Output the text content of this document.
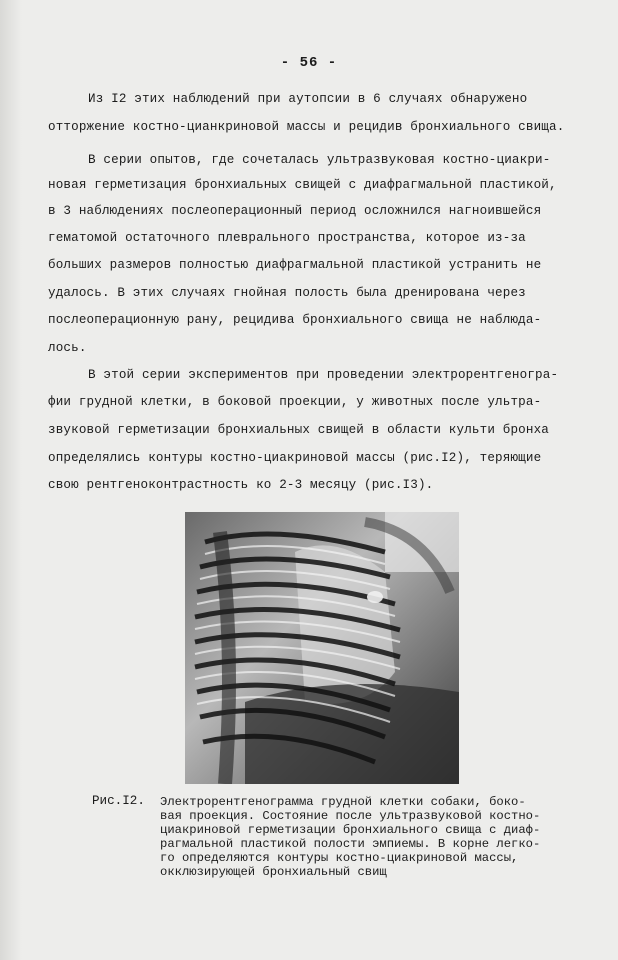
- 56 -
Из I2 этих наблюдений при аутопсии в 6 случаях обнаружено
отторжение костно-цианкриновой массы и рецидив бронхиального свища.
В серии опытов, где сочеталась ультразвуковая костно-циакри-
новая герметизация бронхиальных свищей с диафрагмальной пластикой,
в 3 наблюдениях послеоперационный период осложнился нагноившейся
гематомой остаточного плеврального пространства, которое из-за
больших размеров полностью диафрагмальной пластикой устранить не
удалось. В этих случаях гнойная полость была дренирована через
послеоперационную рану, рецидива бронхиального свища не наблюда-
лось.
В этой серии экспериментов при проведении электрорентгеногра-
фии грудной клетки, в боковой проекции, у животных после ультра-
звуковой герметизации бронхиальных свищей в области культи бронха
определялись контуры костно-циакриновой массы (рис.I2), теряющие
свою рентгеноконтрастность ко 2-3 месяцу (рис.I3).
Рис.I2. Электрорентгенограмма грудной клетки собаки, боко-
вая проекция. Состояние после ультразвуковой костно-
циакриновой герметизации бронхиального свища с диаф-
рагмальной пластикой полости эмпиемы. В корне легко-
го определяются контуры костно-циакриновой массы,
окклюзирующей бронхиальный свищ
